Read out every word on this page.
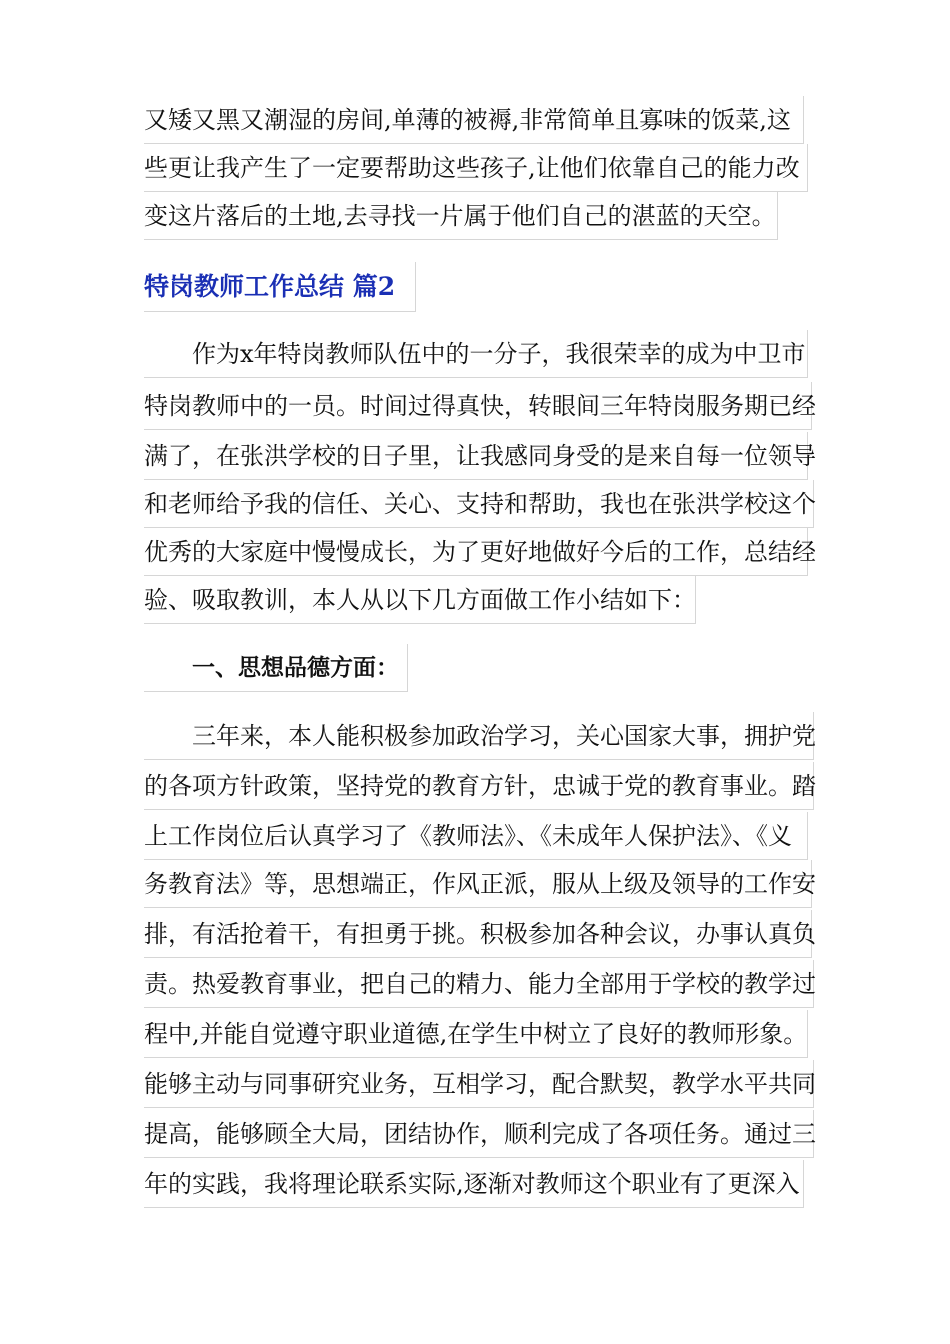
又矮又黑又潮湿的房间,单薄的被褥,非常简单且寡味的饭菜,这
些更让我产生了一定要帮助这些孩子,让他们依靠自己的能力改
变这片落后的土地,去寻找一片属于他们自己的湛蓝的天空。
特岗教师工作总结 篇2
作为x年特岗教师队伍中的一分子，我很荣幸的成为中卫市
特岗教师中的一员。时间过得真快，转眼间三年特岗服务期已经
满了，在张洪学校的日子里，让我感同身受的是来自每一位领导
和老师给予我的信任、关心、支持和帮助，我也在张洪学校这个
优秀的大家庭中慢慢成长，为了更好地做好今后的工作，总结经
验、吸取教训，本人从以下几方面做工作小结如下：
一、思想品德方面：
三年来，本人能积极参加政治学习，关心国家大事，拥护党
的各项方针政策，坚持党的教育方针，忠诚于党的教育事业。踏
上工作岗位后认真学习了《教师法》、《未成年人保护法》、《义
务教育法》等，思想端正，作风正派，服从上级及领导的工作安
排，有活抢着干，有担勇于挑。积极参加各种会议，办事认真负
责。热爱教育事业，把自己的精力、能力全部用于学校的教学过
程中,并能自觉遵守职业道德,在学生中树立了良好的教师形象。
能够主动与同事研究业务，互相学习，配合默契，教学水平共同
提高，能够顾全大局，团结协作，顺利完成了各项任务。通过三
年的实践，我将理论联系实际,逐渐对教师这个职业有了更深入
